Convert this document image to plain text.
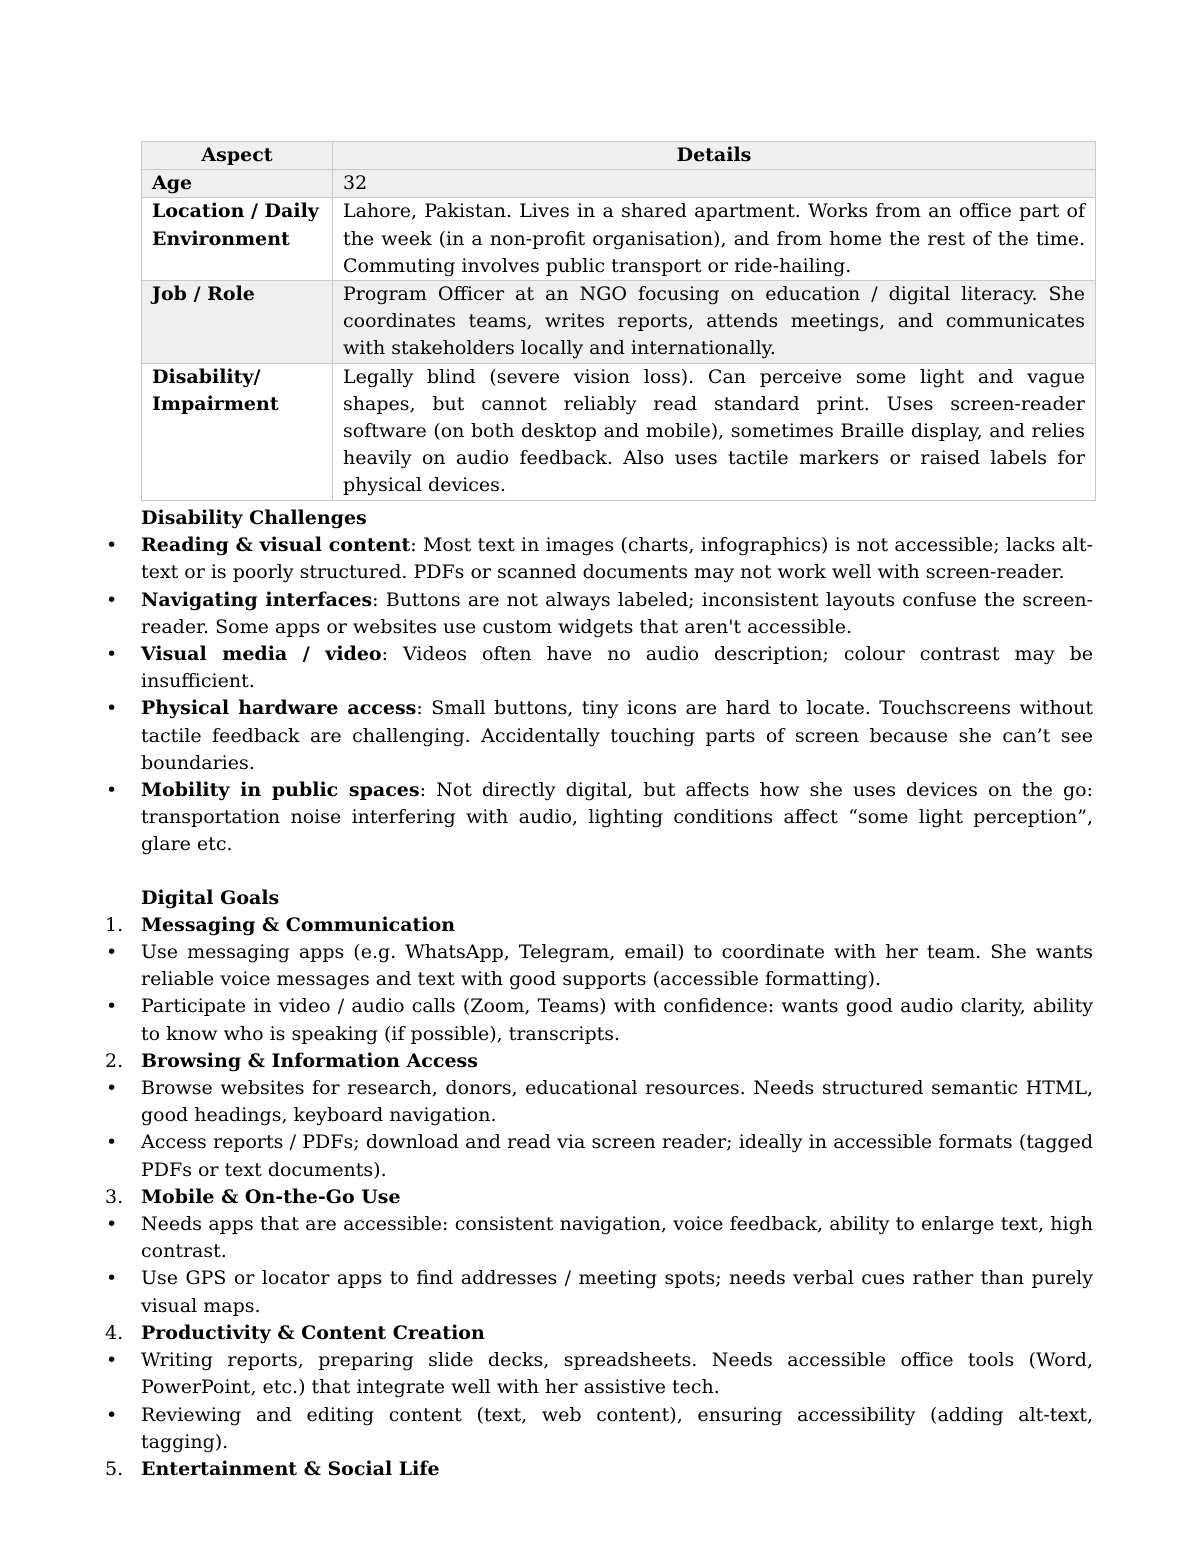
Aspect	Details
Age	32
Location / Daily Environment	Lahore, Pakistan. Lives in a shared apartment. Works from an office part of the week (in a non-profit organisation), and from home the rest of the time. Commuting involves public transport or ride-hailing.
Job / Role	Program Officer at an NGO focusing on education / digital literacy. She coordinates teams, writes reports, attends meetings, and communicates with stakeholders locally and internationally.
Disability/ Impairment	Legally blind (severe vision loss). Can perceive some light and vague shapes, but cannot reliably read standard print. Uses screen-reader software (on both desktop and mobile), sometimes Braille display, and relies heavily on audio feedback. Also uses tactile markers or raised labels for physical devices.

Disability Challenges

• Reading & visual content: Most text in images (charts, infographics) is not accessible; lacks alt-text or is poorly structured. PDFs or scanned documents may not work well with screen-reader.
• Navigating interfaces: Buttons are not always labeled; inconsistent layouts confuse the screen-reader. Some apps or websites use custom widgets that aren't accessible.
• Visual media / video: Videos often have no audio description; colour contrast may be insufficient.
• Physical hardware access: Small buttons, tiny icons are hard to locate. Touchscreens without tactile feedback are challenging. Accidentally touching parts of screen because she can’t see boundaries.
• Mobility in public spaces: Not directly digital, but affects how she uses devices on the go: transportation noise interfering with audio, lighting conditions affect “some light perception”, glare etc.

Digital Goals

1. Messaging & Communication
• Use messaging apps (e.g. WhatsApp, Telegram, email) to coordinate with her team. She wants reliable voice messages and text with good supports (accessible formatting).
• Participate in video / audio calls (Zoom, Teams) with confidence: wants good audio clarity, ability to know who is speaking (if possible), transcripts.
2. Browsing & Information Access
• Browse websites for research, donors, educational resources. Needs structured semantic HTML, good headings, keyboard navigation.
• Access reports / PDFs; download and read via screen reader; ideally in accessible formats (tagged PDFs or text documents).
3. Mobile & On-the-Go Use
• Needs apps that are accessible: consistent navigation, voice feedback, ability to enlarge text, high contrast.
• Use GPS or locator apps to find addresses / meeting spots; needs verbal cues rather than purely visual maps.
4. Productivity & Content Creation
• Writing reports, preparing slide decks, spreadsheets. Needs accessible office tools (Word, PowerPoint, etc.) that integrate well with her assistive tech.
• Reviewing and editing content (text, web content), ensuring accessibility (adding alt-text, tagging).
5. Entertainment & Social Life
